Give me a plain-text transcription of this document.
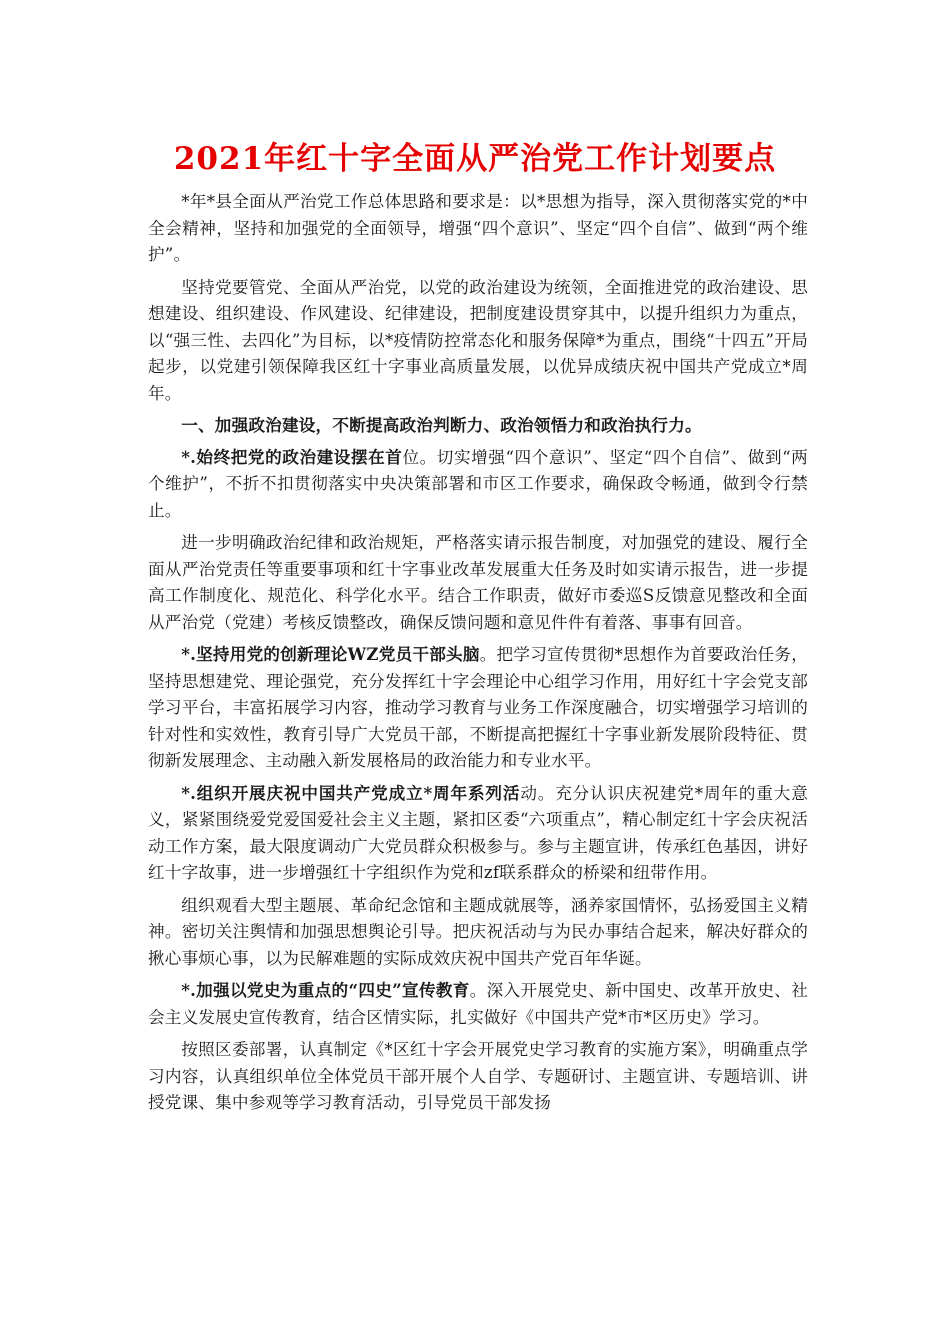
2021年红十字全面从严治党工作计划要点

*年*县全面从严治党工作总体思路和要求是：以*思想为指导，深入贯彻落实党的*中全会精神，坚持和加强党的全面领导，增强“四个意识”、坚定“四个自信”、做到“两个维护”。

坚持党要管党、全面从严治党，以党的政治建设为统领，全面推进党的政治建设、思想建设、组织建设、作风建设、纪律建设，把制度建设贯穿其中，以提升组织力为重点，以“强三性、去四化”为目标，以*疫情防控常态化和服务保障*为重点，围绕“十四五”开局起步，以党建引领保障我区红十字事业高质量发展，以优异成绩庆祝中国共产党成立*周年。

一、加强政治建设，不断提高政治判断力、政治领悟力和政治执行力。

*.始终把党的政治建设摆在首位。切实增强“四个意识”、坚定“四个自信”、做到“两个维护”，不折不扣贯彻落实中央决策部署和市区工作要求，确保政令畅通，做到令行禁止。

进一步明确政治纪律和政治规矩，严格落实请示报告制度，对加强党的建设、履行全面从严治党责任等重要事项和红十字事业改革发展重大任务及时如实请示报告，进一步提高工作制度化、规范化、科学化水平。结合工作职责，做好市委巡S反馈意见整改和全面从严治党（党建）考核反馈整改，确保反馈问题和意见件件有着落、事事有回音。

*.坚持用党的创新理论WZ党员干部头脑。把学习宣传贯彻*思想作为首要政治任务，坚持思想建党、理论强党，充分发挥红十字会理论中心组学习作用，用好红十字会党支部学习平台，丰富拓展学习内容，推动学习教育与业务工作深度融合，切实增强学习培训的针对性和实效性，教育引导广大党员干部，不断提高把握红十字事业新发展阶段特征、贯彻新发展理念、主动融入新发展格局的政治能力和专业水平。

*.组织开展庆祝中国共产党成立*周年系列活动。充分认识庆祝建党*周年的重大意义，紧紧围绕爱党爱国爱社会主义主题，紧扣区委“六项重点”，精心制定红十字会庆祝活动工作方案，最大限度调动广大党员群众积极参与。参与主题宣讲，传承红色基因，讲好红十字故事，进一步增强红十字组织作为党和zf联系群众的桥梁和纽带作用。

组织观看大型主题展、革命纪念馆和主题成就展等，涵养家国情怀，弘扬爱国主义精神。密切关注舆情和加强思想舆论引导。把庆祝活动与为民办事结合起来，解决好群众的揪心事烦心事，以为民解难题的实际成效庆祝中国共产党百年华诞。

*.加强以党史为重点的“四史”宣传教育。深入开展党史、新中国史、改革开放史、社会主义发展史宣传教育，结合区情实际，扎实做好《中国共产党*市*区历史》学习。

按照区委部署，认真制定《*区红十字会开展党史学习教育的实施方案》，明确重点学习内容，认真组织单位全体党员干部开展个人自学、专题研讨、主题宣讲、专题培训、讲授党课、集中参观等学习教育活动，引导党员干部发扬
